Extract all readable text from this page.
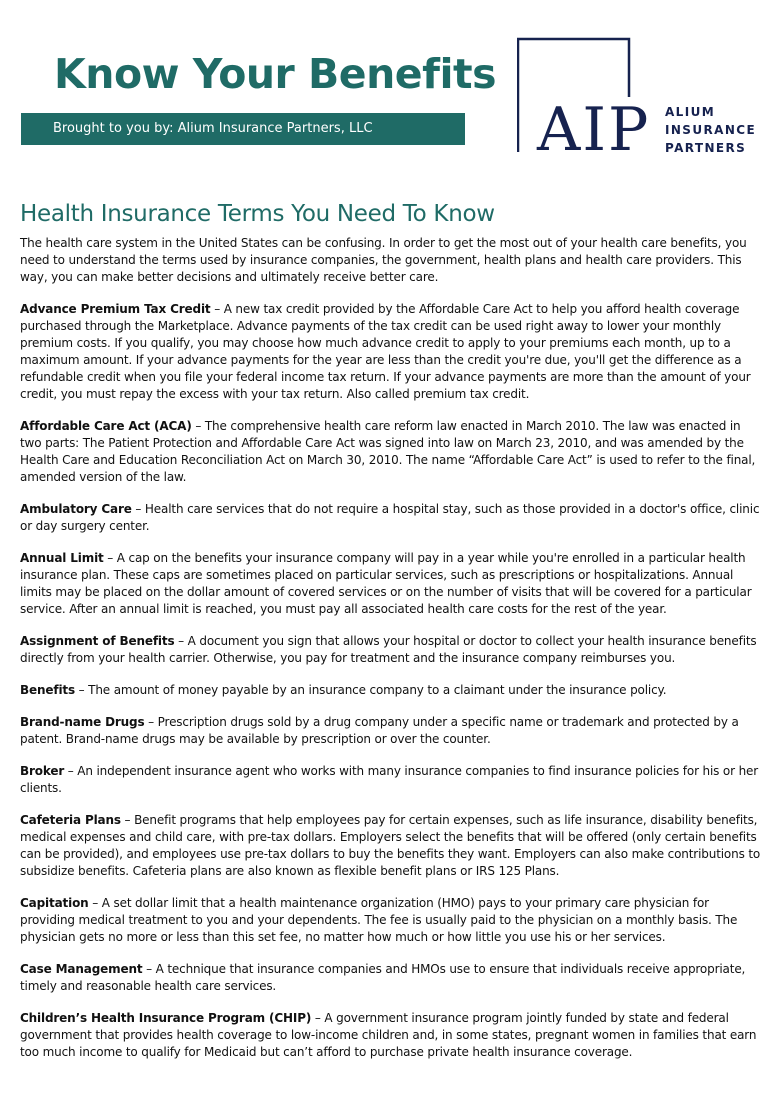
Know Your Benefits
Brought to you by: Alium Insurance Partners, LLC	AIP ALIUM
INSURANCE
PARTNERS
Health Insurance Terms You Need To Know

The health care system in the United States can be confusing. In order to get the most out of your health care benefits, you need to understand the terms used by insurance companies, the government, health plans and health care providers. This way, you can make better decisions and ultimately receive better care.

Advance Premium Tax Credit – A new tax credit provided by the Affordable Care Act to help you afford health coverage purchased through the Marketplace. Advance payments of the tax credit can be used right away to lower your monthly premium costs. If you qualify, you may choose how much advance credit to apply to your premiums each month, up to a maximum amount. If your advance payments for the year are less than the credit you're due, you'll get the difference as a refundable credit when you file your federal income tax return. If your advance payments are more than the amount of your credit, you must repay the excess with your tax return. Also called premium tax credit.

Affordable Care Act (ACA) – The comprehensive health care reform law enacted in March 2010. The law was enacted in two parts: The Patient Protection and Affordable Care Act was signed into law on March 23, 2010, and was amended by the Health Care and Education Reconciliation Act on March 30, 2010. The name “Affordable Care Act” is used to refer to the final, amended version of the law.

Ambulatory Care – Health care services that do not require a hospital stay, such as those provided in a doctor's office, clinic or day surgery center.

Annual Limit – A cap on the benefits your insurance company will pay in a year while you're enrolled in a particular health insurance plan. These caps are sometimes placed on particular services, such as prescriptions or hospitalizations. Annual limits may be placed on the dollar amount of covered services or on the number of visits that will be covered for a particular service. After an annual limit is reached, you must pay all associated health care costs for the rest of the year.

Assignment of Benefits – A document you sign that allows your hospital or doctor to collect your health insurance benefits directly from your health carrier. Otherwise, you pay for treatment and the insurance company reimburses you.

Benefits – The amount of money payable by an insurance company to a claimant under the insurance policy.

Brand-name Drugs – Prescription drugs sold by a drug company under a specific name or trademark and protected by a patent. Brand-name drugs may be available by prescription or over the counter.

Broker – An independent insurance agent who works with many insurance companies to find insurance policies for his or her clients.

Cafeteria Plans – Benefit programs that help employees pay for certain expenses, such as life insurance, disability benefits, medical expenses and child care, with pre-tax dollars. Employers select the benefits that will be offered (only certain benefits can be provided), and employees use pre-tax dollars to buy the benefits they want. Employers can also make contributions to subsidize benefits. Cafeteria plans are also known as flexible benefit plans or IRS 125 Plans.

Capitation – A set dollar limit that a health maintenance organization (HMO) pays to your primary care physician for providing medical treatment to you and your dependents. The fee is usually paid to the physician on a monthly basis. The physician gets no more or less than this set fee, no matter how much or how little you use his or her services.

Case Management – A technique that insurance companies and HMOs use to ensure that individuals receive appropriate, timely and reasonable health care services.

Children’s Health Insurance Program (CHIP) – A government insurance program jointly funded by state and federal government that provides health coverage to low-income children and, in some states, pregnant women in families that earn too much income to qualify for Medicaid but can’t afford to purchase private health insurance coverage.
